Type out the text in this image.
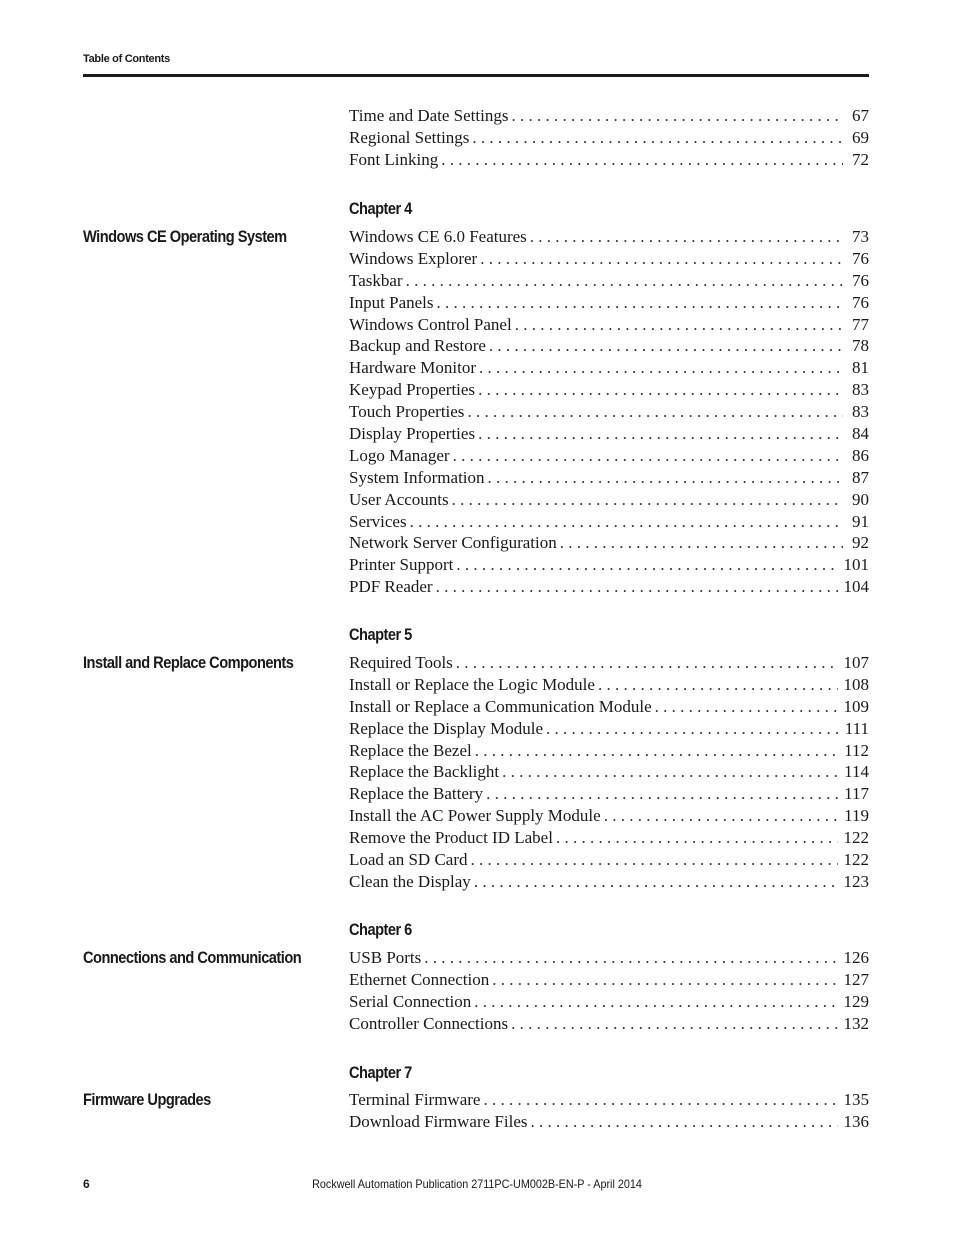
Table of Contents
Time and Date Settings . . .	67
Regional Settings . . .	69
Font Linking . . .	72
Chapter 4
Windows CE Operating System	Windows CE 6.0 Features . . .	73
Windows Explorer . . .	76
Taskbar . . .	76
Input Panels . . .	76
Windows Control Panel . . .	77
Backup and Restore . . .	78
Hardware Monitor . . .	81
Keypad Properties . . .	83
Touch Properties . . .	83
Display Properties . . .	84
Logo Manager . . .	86
System Information . . .	87
User Accounts . . .	90
Services . . .	91
Network Server Configuration . . .	92
Printer Support . . .	101
PDF Reader . . .	104
Chapter 5
Install and Replace Components	Required Tools . . .	107
Install or Replace the Logic Module . . .	108
Install or Replace a Communication Module . . .	109
Replace the Display Module . . .	111
Replace the Bezel . . .	112
Replace the Backlight . . .	114
Replace the Battery . . .	117
Install the AC Power Supply Module . . .	119
Remove the Product ID Label . . .	122
Load an SD Card . . .	122
Clean the Display . . .	123
Chapter 6
Connections and Communication	USB Ports . . .	126
Ethernet Connection . . .	127
Serial Connection . . .	129
Controller Connections . . .	132
Chapter 7
Firmware Upgrades	Terminal Firmware . . .	135
Download Firmware Files . . .	136
6	Rockwell Automation Publication 2711PC-UM002B-EN-P - April 2014
